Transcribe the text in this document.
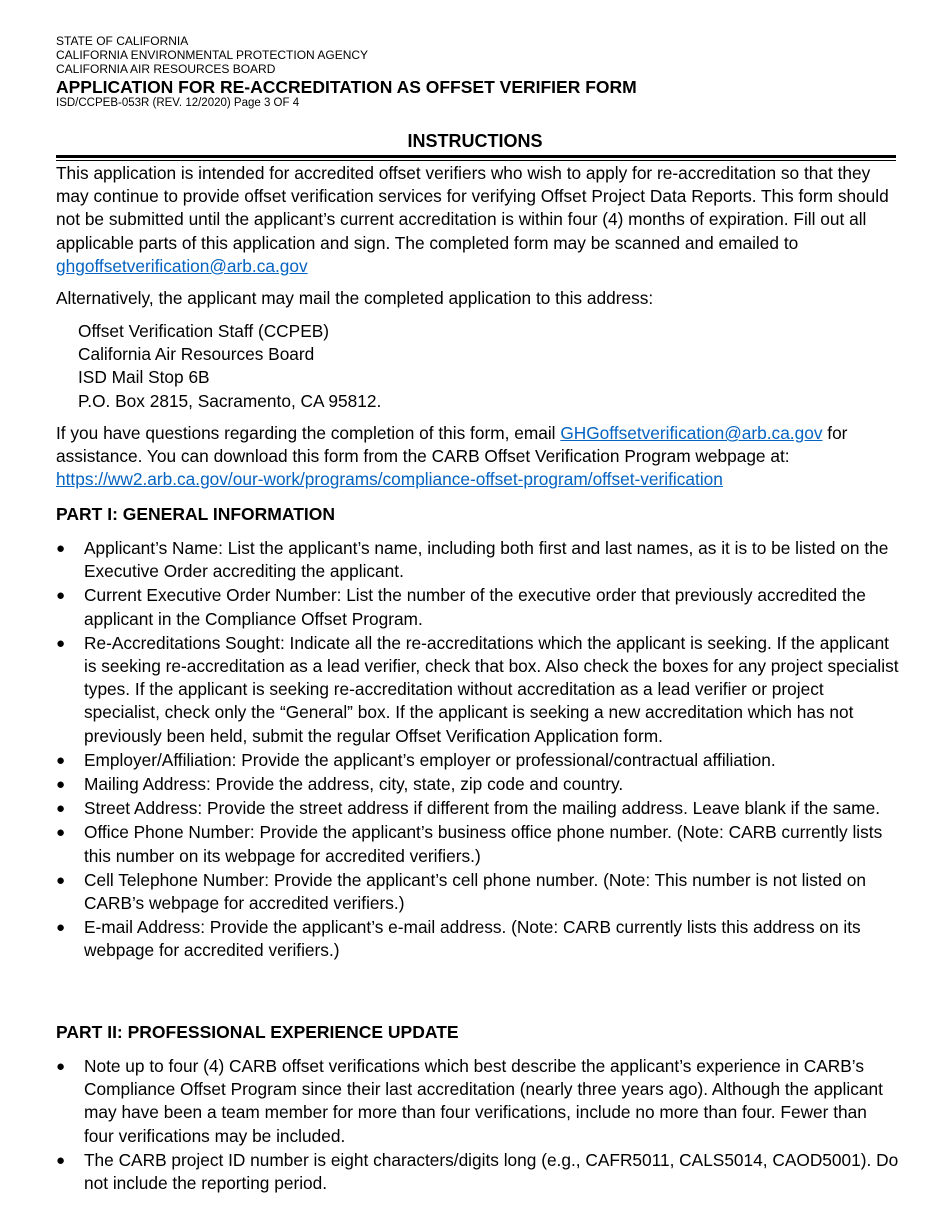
STATE OF CALIFORNIA
CALIFORNIA ENVIRONMENTAL PROTECTION AGENCY
CALIFORNIA AIR RESOURCES BOARD
APPLICATION FOR RE-ACCREDITATION AS OFFSET VERIFIER FORM
ISD/CCPEB-053R (REV. 12/2020) Page 3 OF 4
INSTRUCTIONS

This application is intended for accredited offset verifiers who wish to apply for re-accreditation so that they may continue to provide offset verification services for verifying Offset Project Data Reports. This form should not be submitted until the applicant’s current accreditation is within four (4) months of expiration. Fill out all applicable parts of this application and sign. The completed form may be scanned and emailed to ghgoffsetverification@arb.ca.gov

Alternatively, the applicant may mail the completed application to this address:
Offset Verification Staff (CCPEB)
California Air Resources Board
ISD Mail Stop 6B
P.O. Box 2815, Sacramento, CA 95812.

If you have questions regarding the completion of this form, email GHGoffsetverification@arb.ca.gov for assistance. You can download this form from the CARB Offset Verification Program webpage at: https://ww2.arb.ca.gov/our-work/programs/compliance-offset-program/offset-verification

PART I: GENERAL INFORMATION
● Applicant’s Name: List the applicant’s name, including both first and last names, as it is to be listed on the Executive Order accrediting the applicant.
● Current Executive Order Number: List the number of the executive order that previously accredited the applicant in the Compliance Offset Program.
● Re-Accreditations Sought: Indicate all the re-accreditations which the applicant is seeking. If the applicant is seeking re-accreditation as a lead verifier, check that box. Also check the boxes for any project specialist types. If the applicant is seeking re-accreditation without accreditation as a lead verifier or project specialist, check only the “General” box. If the applicant is seeking a new accreditation which has not previously been held, submit the regular Offset Verification Application form.
● Employer/Affiliation: Provide the applicant’s employer or professional/contractual affiliation.
● Mailing Address: Provide the address, city, state, zip code and country.
● Street Address: Provide the street address if different from the mailing address. Leave blank if the same.
● Office Phone Number: Provide the applicant’s business office phone number. (Note: CARB currently lists this number on its webpage for accredited verifiers.)
● Cell Telephone Number: Provide the applicant’s cell phone number. (Note: This number is not listed on CARB’s webpage for accredited verifiers.)
● E-mail Address: Provide the applicant’s e-mail address. (Note: CARB currently lists this address on its webpage for accredited verifiers.)
PART II: PROFESSIONAL EXPERIENCE UPDATE
● Note up to four (4) CARB offset verifications which best describe the applicant’s experience in CARB’s Compliance Offset Program since their last accreditation (nearly three years ago). Although the applicant may have been a team member for more than four verifications, include no more than four. Fewer than four verifications may be included.
● The CARB project ID number is eight characters/digits long (e.g., CAFR5011, CALS5014, CAOD5001). Do not include the reporting period.
